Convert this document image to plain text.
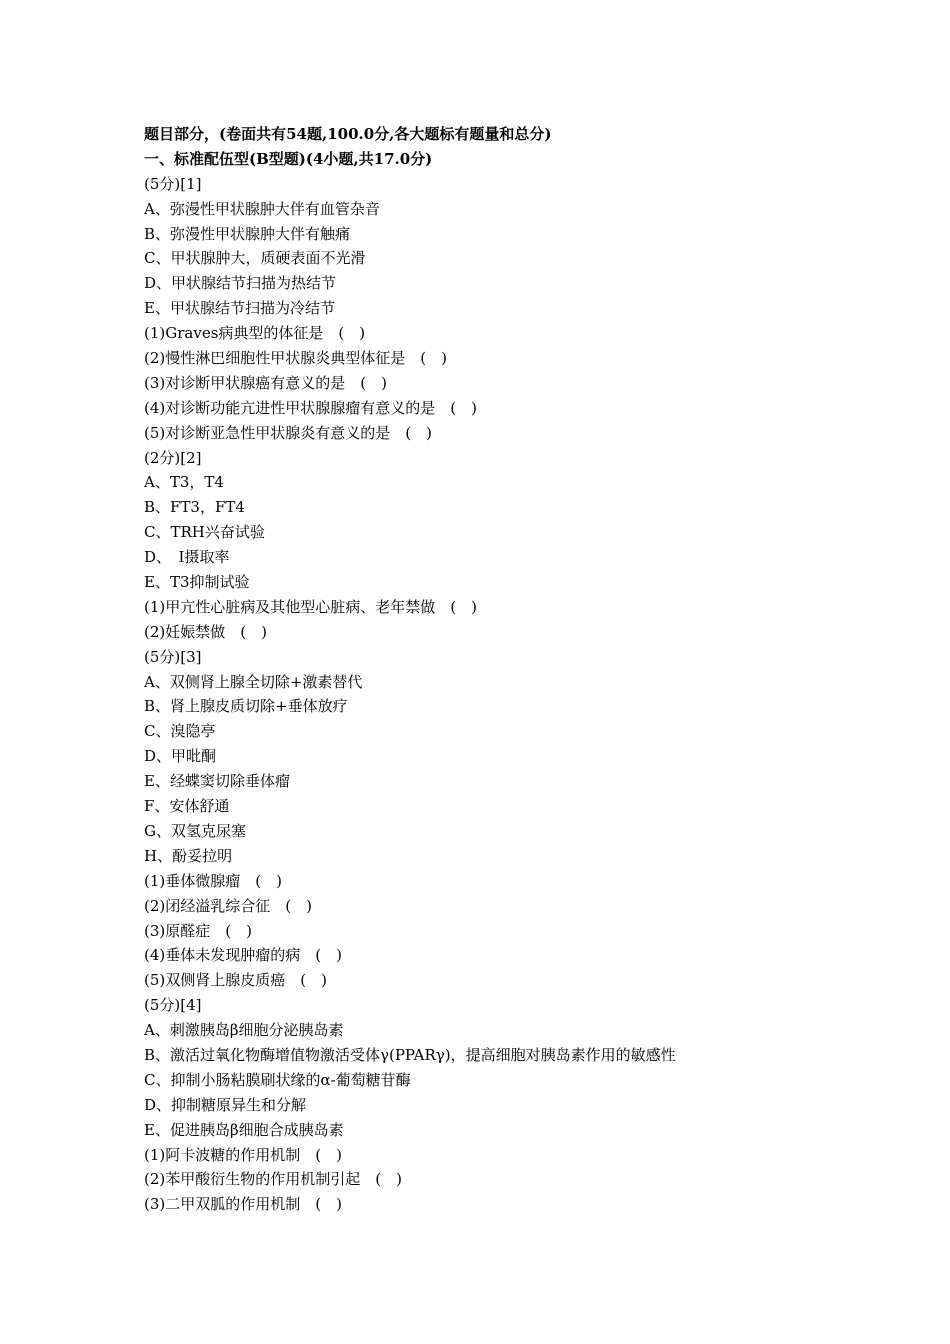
题目部分，(卷面共有54题,100.0分,各大题标有题量和总分)
一、标准配伍型(B型题)(4小题,共17.0分)
(5分)[1]
A、弥漫性甲状腺肿大伴有血管杂音
B、弥漫性甲状腺肿大伴有触痛
C、甲状腺肿大，质硬表面不光滑
D、甲状腺结节扫描为热结节
E、甲状腺结节扫描为冷结节
(1)Graves病典型的体征是　(　)
(2)慢性淋巴细胞性甲状腺炎典型体征是　(　)
(3)对诊断甲状腺癌有意义的是　(　)
(4)对诊断功能亢进性甲状腺腺瘤有意义的是　(　)
(5)对诊断亚急性甲状腺炎有意义的是　(　)
(2分)[2]
A、T3，T4
B、FT3，FT4
C、TRH兴奋试验
D、　I摄取率
E、T3抑制试验
(1)甲亢性心脏病及其他型心脏病、老年禁做　(　)
(2)妊娠禁做　(　)
(5分)[3]
A、双侧肾上腺全切除+激素替代
B、肾上腺皮质切除+垂体放疗
C、溴隐亭
D、甲吡酮
E、经蝶窦切除垂体瘤
F、安体舒通
G、双氢克尿塞
H、酚妥拉明
(1)垂体微腺瘤　(　)
(2)闭经溢乳综合征　(　)
(3)原醛症　(　)
(4)垂体未发现肿瘤的病　(　)
(5)双侧肾上腺皮质癌　(　)
(5分)[4]
A、刺激胰岛β细胞分泌胰岛素
B、激活过氧化物酶增值物激活受体γ(PPARγ)，提高细胞对胰岛素作用的敏感性
C、抑制小肠粘膜刷状缘的α-葡萄糖苷酶
D、抑制糖原异生和分解
E、促进胰岛β细胞合成胰岛素
(1)阿卡波糖的作用机制　(　)
(2)苯甲酸衍生物的作用机制引起　(　)
(3)二甲双胍的作用机制　(　)
